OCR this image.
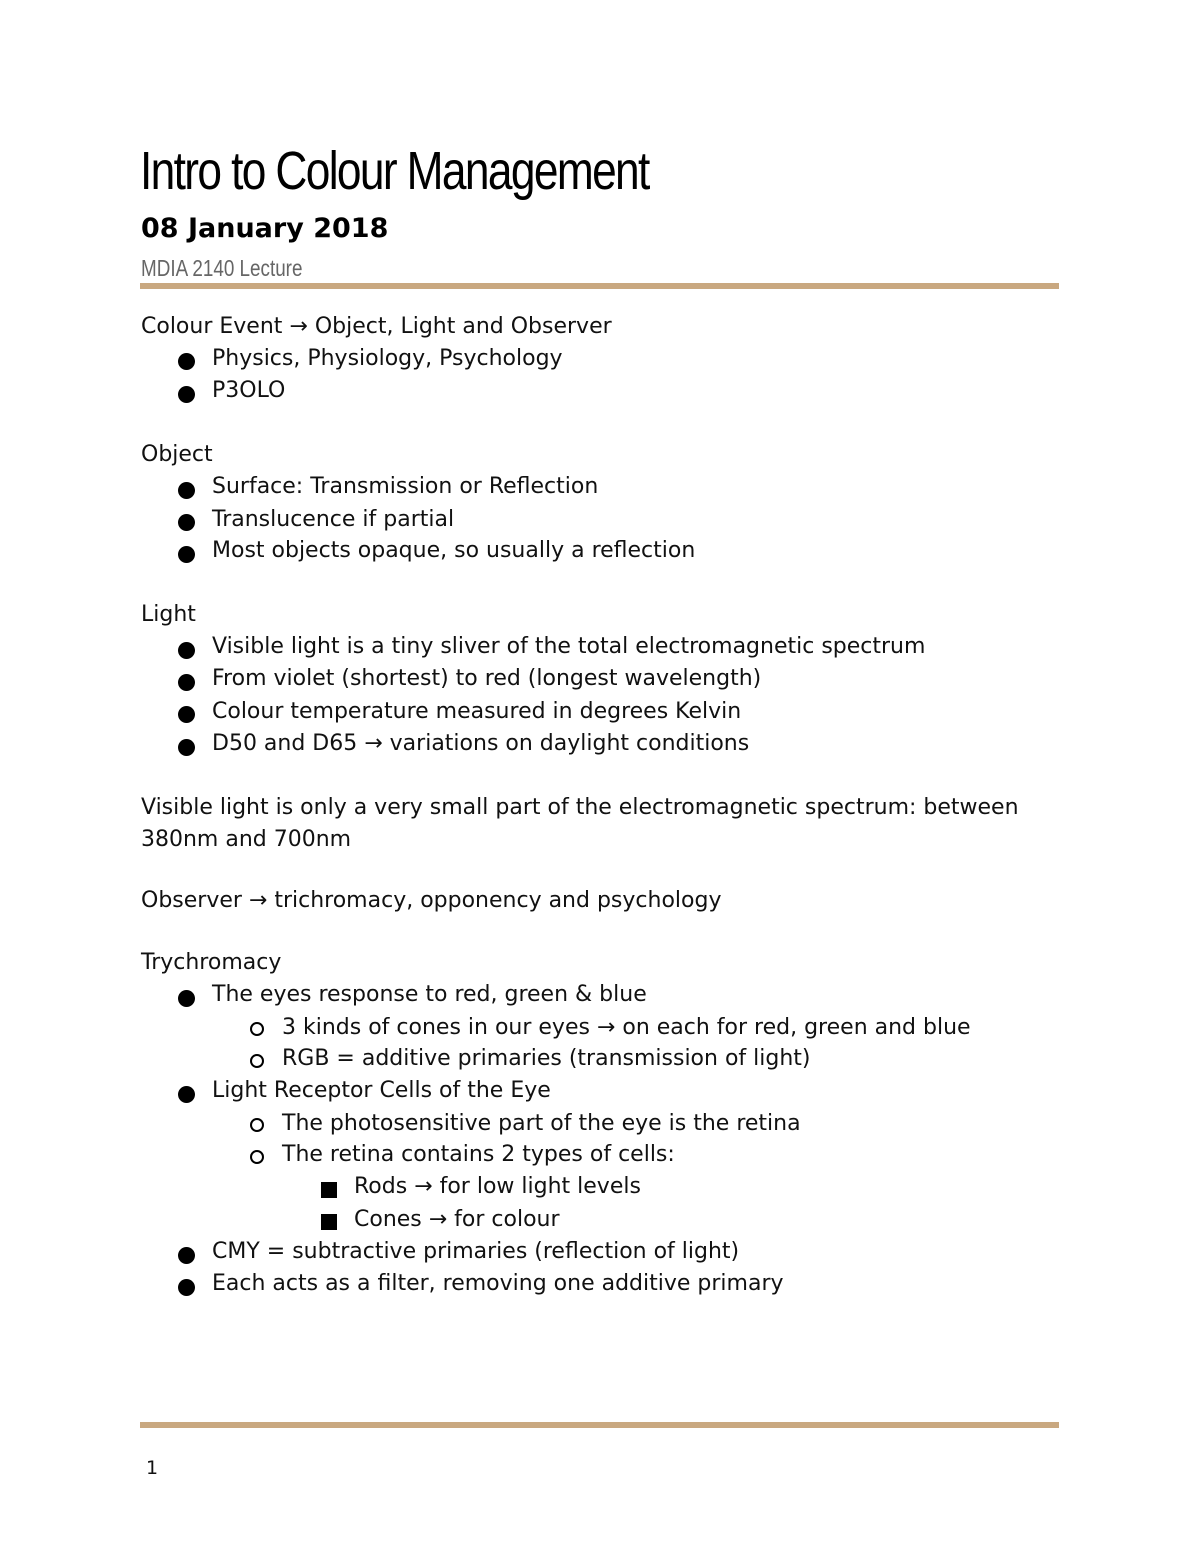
Intro to Colour Management
08 January 2018
MDIA 2140 Lecture
Colour Event → Object, Light and Observer
Physics, Physiology, Psychology
P3OLO
Object
Surface: Transmission or Reflection
Translucence if partial
Most objects opaque, so usually a reflection
Light
Visible light is a tiny sliver of the total electromagnetic spectrum
From violet (shortest) to red (longest wavelength)
Colour temperature measured in degrees Kelvin
D50 and D65 → variations on daylight conditions
Visible light is only a very small part of the electromagnetic spectrum: between
380nm and 700nm
Observer → trichromacy, opponency and psychology
Trychromacy
The eyes response to red, green & blue
3 kinds of cones in our eyes → on each for red, green and blue
RGB = additive primaries (transmission of light)
Light Receptor Cells of the Eye
The photosensitive part of the eye is the retina
The retina contains 2 types of cells:
Rods → for low light levels
Cones → for colour
CMY = subtractive primaries (reflection of light)
Each acts as a filter, removing one additive primary
1
